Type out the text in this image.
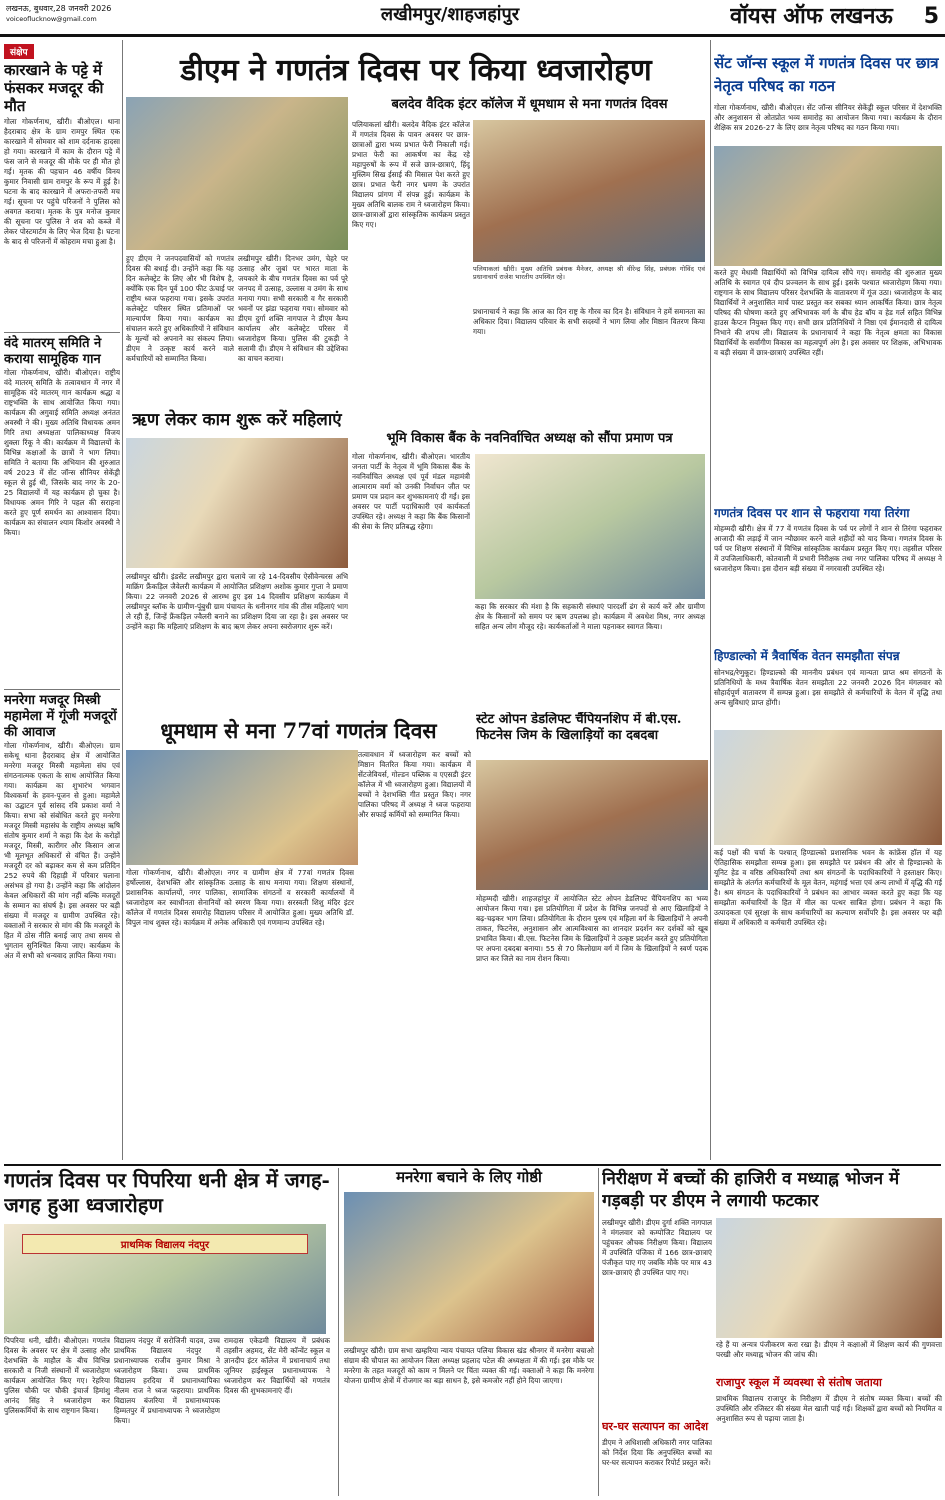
लखनऊ, बुधवार,28 जनवरी 2026
voiceoflucknow@gmail.com	लखीमपुर/शाहजहांपुर	वॉयस ऑफ लखनऊ 5
संक्षेप
कारखाने के पट्टे में फंसकर मजदूर की मौत
गोला गोकर्णनाथ, खीरी। बीओएल। थाना हैदराबाद क्षेत्र के ग्राम रामपुर स्थित एक कारखाने में सोमवार को शाम दर्दनाक हादसा हो गया। कारखाने में काम के दौरान पट्टे में फंस जाने से मजदूर की मौके पर ही मौत हो गई। मृतक की पहचान 46 वर्षीय विनय कुमार निवासी ग्राम रामपुर के रूप में हुई है। घटना के बाद कारखाने में अफरा-तफरी मच गई। सूचना पर पहुंचे परिजनों ने पुलिस को अवगत कराया। मृतक के पुत्र मनोज कुमार की सूचना पर पुलिस ने शव को कब्जे में लेकर पोस्टमार्टम के लिए भेज दिया है। घटना के बाद से परिजनों में कोहराम मचा हुआ है।
वंदे मातरम् समिति ने कराया सामूहिक गान
गोला गोकर्णनाथ, खीरी। बीओएल। राष्ट्रीय वंदे मातरम् समिति के तत्वावधान में नगर में सामूहिक वंदे मातरम् गान कार्यक्रम श्रद्धा व राष्ट्रभक्ति के साथ आयोजित किया गया। कार्यक्रम की अगुवाई समिति अध्यक्ष अनंतत अवस्थी ने की। मुख्य अतिथि विधायक अमन गिरि तथा अध्यक्षता पालिकाध्यक्ष विजय शुक्ला रिंकू ने की। कार्यक्रम में विद्यालयों के विभिन्न कक्षाओं के छात्रों ने भाग लिया। समिति ने बताया कि अभियान की शुरुआत वर्ष 2023 में सेंट जॉन्स सीनियर सेकेंड्री स्कूल से हुई थी, जिसके बाद नगर के 20-25 विद्यालयों में यह कार्यक्रम हो चुका है। विधायक अमन गिरि ने पहल की सराहना करते हुए पूर्ण समर्थन का आश्वासन दिया। कार्यक्रम का संचालन श्याम किशोर अवस्थी ने किया।
मनरेगा मजदूर मिस्त्री महामेला में गूंजी मजदूरों की आवाज
गोला गोकर्णनाथ, खीरी। बीओएल। ग्राम सकेथू थाना हैदराबाद क्षेत्र में आयोजित मनरेगा मजदूर मिस्त्री महामेला संघ एवं संगठनात्मक एकता के साथ आयोजित किया गया। कार्यक्रम का शुभारंभ भगवान विश्वकर्मा के हवन-पूजन से हुआ। महामेले का उद्घाटन पूर्व सांसद रवि प्रकाश वर्मा ने किया। सभा को संबोधित करते हुए मनरेगा मजदूर मिस्त्री महासंघ के राष्ट्रीय अध्यक्ष ऋषि संतोष कुमार शर्मा ने कहा कि देश के करोड़ों मजदूर, मिस्त्री, कारीगर और किसान आज भी मूलभूत अधिकारों से वंचित हैं। उन्होंने मजदूरी दर को बढ़ाकर कम से कम प्रतिदिन 252 रुपये की दिहाड़ी में परिवार चलाना असंभव हो गया है। उन्होंने कहा कि आंदोलन केवल अधिकारों की मांग नहीं बल्कि मजदूरों के सम्मान का संघर्ष है। इस अवसर पर बड़ी संख्या में मजदूर व ग्रामीण उपस्थित रहे। वक्ताओं ने सरकार से मांग की कि मजदूरों के हित में ठोस नीति बनाई जाए तथा समय से भुगतान सुनिश्चित किया जाए। कार्यक्रम के अंत में सभी को धन्यवाद ज्ञापित किया गया।
डीएम ने गणतंत्र दिवस पर किया ध्वजारोहण
लखीमपुर खीरी। दिनभर उमंग, चेहरे पर उत्साह और जुबां पर भारत माता के जयकारे के बीच गणतंत्र दिवस का पर्व पूरे जनपद में उत्साह, उल्लास व उमंग के साथ मनाया गया। सभी सरकारी व गैर सरकारी भवनों पर झंडा फहराया गया। सोमवार को डीएम दुर्गा शक्ति नागपाल ने डीएम कैम्प कार्यालय और कलेक्ट्रेट परिसर में ध्वजारोहण किया। पुलिस की टुकड़ी ने सलामी दी। डीएम ने संविधान की उद्देशिका का वाचन कराया।
हुए डीएम ने जनपदवासियों को गणतंत्र दिवस की बधाई दी। उन्होंने कहा कि यह दिन कलेक्ट्रेट के लिए और भी विशेष है, क्योंकि एक दिन पूर्व 100 फीट ऊंचाई पर राष्ट्रीय ध्वज फहराया गया। इसके उपरांत कलेक्ट्रेट परिसर स्थित प्रतिमाओं पर माल्यार्पण किया गया। कार्यक्रम का संचालन करते हुए अधिकारियों ने संविधान के मूल्यों को अपनाने का संकल्प लिया। डीएम ने उत्कृष्ट कार्य करने वाले कर्मचारियों को सम्मानित किया।
बलदेव वैदिक इंटर कॉलेज में धूमधाम से मना गणतंत्र दिवस
पलियाकलां खीरी। बलदेव वैदिक इंटर कॉलेज में गणतंत्र दिवस के पावन अवसर पर छात्र-छात्राओं द्वारा भव्य प्रभात फेरी निकाली गई। प्रभात फेरी का आकर्षण का केंद्र रहे महापुरुषों के रूप में सजे छात्र-छात्राएं, हिंदू मुस्लिम सिख ईसाई की मिसाल पेश करते हुए छात्र। प्रभात फेरी नगर भ्रमण के उपरांत विद्यालय प्रांगण में संपन्न हुई। कार्यक्रम के मुख्य अतिथि बालक राम ने ध्वजारोहण किया। छात्र-छात्राओं द्वारा सांस्कृतिक कार्यक्रम प्रस्तुत किए गए।
पलियाकलां खीरी। मुख्य अतिथि प्रबंधक मैनेजर, अध्यक्ष श्री वीरेन्द्र सिंह, प्रबंधक गोविंद एवं प्रधानाचार्य राजेश भारतीय उपस्थित रहे।
प्रधानाचार्य ने कहा कि आज का दिन राष्ट्र के गौरव का दिन है। संविधान ने हमें समानता का अधिकार दिया। विद्यालय परिवार के सभी सदस्यों ने भाग लिया और मिष्ठान वितरण किया गया।
ऋण लेकर काम शुरू करें महिलाएं
लखीमपुर खीरी। इंडसेंट लखीमपुर द्वारा चलाये जा रहे 14-दिवसीय ऐसीवेन्चरस अभि माक्रिंग फ्रैंकड़िल जैवेलरी कार्यक्रम में आयोजित प्रशिक्षण अशोक कुमार गुप्ता ने प्रमाण किया। 22 जनवरी 2026 से आरम्भ हुए इस 14 दिवसीय प्रशिक्षण कार्यक्रम में लखीमपुर ब्लॉक के ग्रामीण-पूंबुधी ग्राम पंचायत के धनीनगर गांव की तीस महिलाएं भाग ले रही हैं, जिन्हें फ्रैंकड़िल ज्वैलरी बनाने का प्रशिक्षण दिया जा रहा है। इस अवसर पर उन्होंने कहा कि महिलाएं प्रशिक्षण के बाद ऋण लेकर अपना स्वरोजगार शुरू करें।
भूमि विकास बैंक के नवनिर्वाचित अध्यक्ष को सौंपा प्रमाण पत्र
गोला गोकर्णनाथ, खीरी। बीओएल। भारतीय जनता पार्टी के नेतृत्व में भूमि विकास बैंक के नवनिर्वाचित अध्यक्ष एवं पूर्व मंडल महामंत्री आत्माराम वर्मा को उनकी निर्वाचन जीत पर प्रमाण पत्र प्रदान कर शुभकामनाएं दी गईं। इस अवसर पर पार्टी पदाधिकारी एवं कार्यकर्ता उपस्थित रहे। अध्यक्ष ने कहा कि बैंक किसानों की सेवा के लिए प्रतिबद्ध रहेगा।
कहा कि सरकार की मंशा है कि सहकारी संस्थाएं पारदर्शी ढंग से कार्य करें और ग्रामीण क्षेत्र के किसानों को समय पर ऋण उपलब्ध हो। कार्यक्रम में अवधेश मिश्र, नगर अध्यक्ष सहित अन्य लोग मौजूद रहे। कार्यकर्ताओं ने माला पहनाकर स्वागत किया।
धूमधाम से मना 77वां गणतंत्र दिवस
गोला गोकर्णनाथ, खीरी। बीओएल। नगर व ग्रामीण क्षेत्र में 77वां गणतंत्र दिवस हर्षोल्लास, देशभक्ति और सांस्कृतिक उत्साह के साथ मनाया गया। शिक्षण संस्थानों, प्रशासनिक कार्यालयों, नगर पालिका, सामाजिक संगठनों व सरकारी कार्यालयों में ध्वजारोहण कर स्वाधीनता सेनानियों को स्मरण किया गया। सरस्वती शिशु मंदिर इंटर कॉलेज में गणतंत्र दिवस समारोह विद्यालय परिसर में आयोजित हुआ। मुख्य अतिथि डॉ. विपुल नाथ शुक्ल रहे। कार्यक्रम में अनेक अधिकारी एवं गणमान्य उपस्थित रहे।
तत्वावधान में ध्वजारोहण कर बच्चों को मिष्ठान वितरित किया गया। कार्यक्रम में सेंटजेवियर्स, गोल्डन पब्लिक व एएसडी इंटर कॉलेज में भी ध्वजारोहण हुआ। विद्यालयों में बच्चों ने देशभक्ति गीत प्रस्तुत किए। नगर पालिका परिषद में अध्यक्ष ने ध्वज फहराया और सफाई कर्मियों को सम्मानित किया।
स्टेट ओपन डेडलिफ्ट चैंपियनशिप में बी.एस. फिटनेस जिम के खिलाड़ियों का दबदबा
मोहम्मदी खीरी। शाहजहांपुर में आयोजित स्टेट ओपन डेडलिफ्ट चैंपियनशिप का भव्य आयोजन किया गया। इस प्रतियोगिता में प्रदेश के विभिन्न जनपदों से आए खिलाड़ियों ने बढ़-चढ़कर भाग लिया। प्रतियोगिता के दौरान पुरुष एवं महिला वर्ग के खिलाड़ियों ने अपनी ताकत, फिटनेस, अनुशासन और आत्मविश्वास का शानदार प्रदर्शन कर दर्शकों को खूब प्रभावित किया। बी.एस. फिटनेस जिम के खिलाड़ियों ने उत्कृष्ट प्रदर्शन करते हुए प्रतियोगिता पर अपना दबदबा बनाया। 55 से 70 किलोग्राम वर्ग में जिम के खिलाड़ियों ने स्वर्ण पदक प्राप्त कर जिले का नाम रोशन किया।
सेंट जॉन्स स्कूल में गणतंत्र दिवस पर छात्र नेतृत्व परिषद का गठन
गोला गोकर्णनाथ, खीरी। बीओएल। सेंट जॉन्स सीनियर सेकेंड्री स्कूल परिसर में देशभक्ति और अनुशासन से ओतप्रोत भव्य समारोह का आयोजन किया गया। कार्यक्रम के दौरान शैक्षिक सत्र 2026-27 के लिए छात्र नेतृत्व परिषद का गठन किया गया।
करते हुए मेधावी विद्यार्थियों को विभिन्न दायित्व सौंपे गए। समारोह की शुरुआत मुख्य अतिथि के स्वागत एवं दीप प्रज्वलन के साथ हुई। इसके पश्चात ध्वजारोहण किया गया। राष्ट्रगान के साथ विद्यालय परिसर देशभक्ति के वातावरण में गूंज उठा। ध्वजारोहण के बाद विद्यार्थियों ने अनुशासित मार्च पास्ट प्रस्तुत कर सबका ध्यान आकर्षित किया। छात्र नेतृत्व परिषद की घोषणा करते हुए अभिभावक वर्ग के बीच हेड बॉय व हेड गर्ल सहित विभिन्न हाउस कैप्टन नियुक्त किए गए। सभी छात्र प्रतिनिधियों ने निष्ठा एवं ईमानदारी से दायित्व निभाने की शपथ ली। विद्यालय के प्रधानाचार्य ने कहा कि नेतृत्व क्षमता का विकास विद्यार्थियों के सर्वांगीण विकास का महत्वपूर्ण अंग है। इस अवसर पर शिक्षक, अभिभावक व बड़ी संख्या में छात्र-छात्राएं उपस्थित रहीं।
गणतंत्र दिवस पर शान से फहराया गया तिरंगा
मोहम्मदी खीरी। क्षेत्र में 77 वें गणतंत्र दिवस के पर्व पर लोगों ने शान से तिरंगा फहराकर आजादी की लड़ाई में जान न्यौछावर करने वाले शहीदों को याद किया। गणतंत्र दिवस के पर्व पर शिक्षण संस्थानों में विभिन्न सांस्कृतिक कार्यक्रम प्रस्तुत किए गए। तहसील परिसर में उपजिलाधिकारी, कोतवाली में प्रभारी निरीक्षक तथा नगर पालिका परिषद में अध्यक्ष ने ध्वजारोहण किया। इस दौरान बड़ी संख्या में नगरवासी उपस्थित रहे।
हिण्डाल्को में त्रैवार्षिक वेतन समझौता संपन्न
सोनभद्र/रेणुकूट। हिण्डाल्को की माननीय प्रबंधन एवं मान्यता प्राप्त श्रम संगठनों के प्रतिनिधियों के मध्य त्रैवार्षिक वेतन समझौता 22 जनवरी 2026 दिन मंगलवार को सौहार्दपूर्ण वातावरण में सम्पन्न हुआ। इस समझौते से कर्मचारियों के वेतन में वृद्धि तथा अन्य सुविधाएं प्राप्त होंगी।
कई पक्षों की चर्चा के पश्चात् हिण्डाल्को प्रशासनिक भवन के कांफ्रेंस हॉल में यह ऐतिहासिक समझौता सम्पन्न हुआ। इस समझौते पर प्रबंधन की ओर से हिण्डाल्को के यूनिट हेड व वरिष्ठ अधिकारियों तथा श्रम संगठनों के पदाधिकारियों ने हस्ताक्षर किए। समझौते के अंतर्गत कर्मचारियों के मूल वेतन, महंगाई भत्ता एवं अन्य लाभों में वृद्धि की गई है। श्रम संगठन के पदाधिकारियों ने प्रबंधन का आभार व्यक्त करते हुए कहा कि यह समझौता कर्मचारियों के हित में मील का पत्थर साबित होगा। प्रबंधन ने कहा कि उत्पादकता एवं सुरक्षा के साथ कर्मचारियों का कल्याण सर्वोपरि है। इस अवसर पर बड़ी संख्या में अधिकारी व कर्मचारी उपस्थित रहे।
गणतंत्र दिवस पर पिपरिया धनी क्षेत्र में जगह-जगह हुआ ध्वजारोहण
प्राथमिक विद्यालय नंदपुर
पिपरिया धनी, खीरी। बीओएल। गणतंत्र दिवस के अवसर पर क्षेत्र में उत्साह और देशभक्ति के माहौल के बीच विभिन्न सरकारी व निजी संस्थानों में ध्वजारोहण कार्यक्रम आयोजित किए गए। रेहरिया पुलिस चौकी पर चौकी इंचार्ज हिमांशु आनंद सिंह ने ध्वजारोहण कर पुलिसकर्मियों के साथ राष्ट्रगान किया।
विद्यालय नंदपुर में सरोजिनी यादव, उच्च प्राथमिक विद्यालय नंदपुर में प्रधानाध्यापक राजीव कुमार मिश्रा ने ध्वजारोहण किया। उच्च प्राथमिक विद्यालय हरदिया में प्रधानाध्यापिका नीलम राज ने ध्वज फहराया। प्राथमिक विद्यालय बंजरिया में प्रधानाध्यापक हिम्मतपुर में प्रधानाध्यापक ने ध्वजारोहण किया।
रामदास एकेडमी विद्यालय में प्रबंधक तहसीन अहमद, सेंट मेरी कॉन्वेंट स्कूल व ज्ञानदीप इंटर कॉलेज में प्रधानाचार्य तथा जूनियर हाईस्कूल प्रधानाध्यापक ने ध्वजारोहण कर विद्यार्थियों को गणतंत्र दिवस की शुभकामनाएं दीं।
मनरेगा बचाने के लिए गोष्ठी
लखीमपुर खीरी। ग्राम सभा खम्हरिया न्याय पंचायत पलिया विकास खंड श्रीनगर में मनरेगा बचाओ संग्राम की चौपाल का आयोजन जिला अध्यक्ष प्रहलाद पटेल की अध्यक्षता में की गई। इस मौके पर मनरेगा के तहत मजदूरों को काम न मिलने पर चिंता व्यक्त की गई। वक्ताओं ने कहा कि मनरेगा योजना ग्रामीण क्षेत्रों में रोजगार का बड़ा साधन है, इसे कमजोर नहीं होने दिया जाएगा।
निरीक्षण में बच्चों की हाजिरी व मध्याह्न भोजन में गड़बड़ी पर डीएम ने लगायी फटकार
लखीमपुर खीरी। डीएम दुर्गा शक्ति नागपाल ने मंगलवार को कम्पोजिट विद्यालय पर पहुंचकर औचक निरीक्षण किया। विद्यालय में उपस्थिति पंजिका में 166 छात्र-छात्राएं पंजीकृत पाए गए जबकि मौके पर मात्र 43 छात्र-छात्राएं ही उपस्थित पाए गए।
रहे हैं या अन्यत्र पंजीकरण करा रखा है। डीएम ने कक्षाओं में शिक्षण कार्य की गुणवत्ता परखी और मध्याह्न भोजन की जांच की।
घर-घर सत्यापन का आदेश
डीएम ने अधिशासी अधिकारी नगर पालिका को निर्देश दिया कि अनुपस्थित बच्चों का घर-घर सत्यापन कराकर रिपोर्ट प्रस्तुत करें।
राजापुर स्कूल में व्यवस्था से संतोष जताया
प्राथमिक विद्यालय राजापुर के निरीक्षण में डीएम ने संतोष व्यक्त किया। बच्चों की उपस्थिति और रजिस्टर की संख्या मेल खाती पाई गई। शिक्षकों द्वारा बच्चों को नियमित व अनुशासित रूप से पढ़ाया जाता है।
